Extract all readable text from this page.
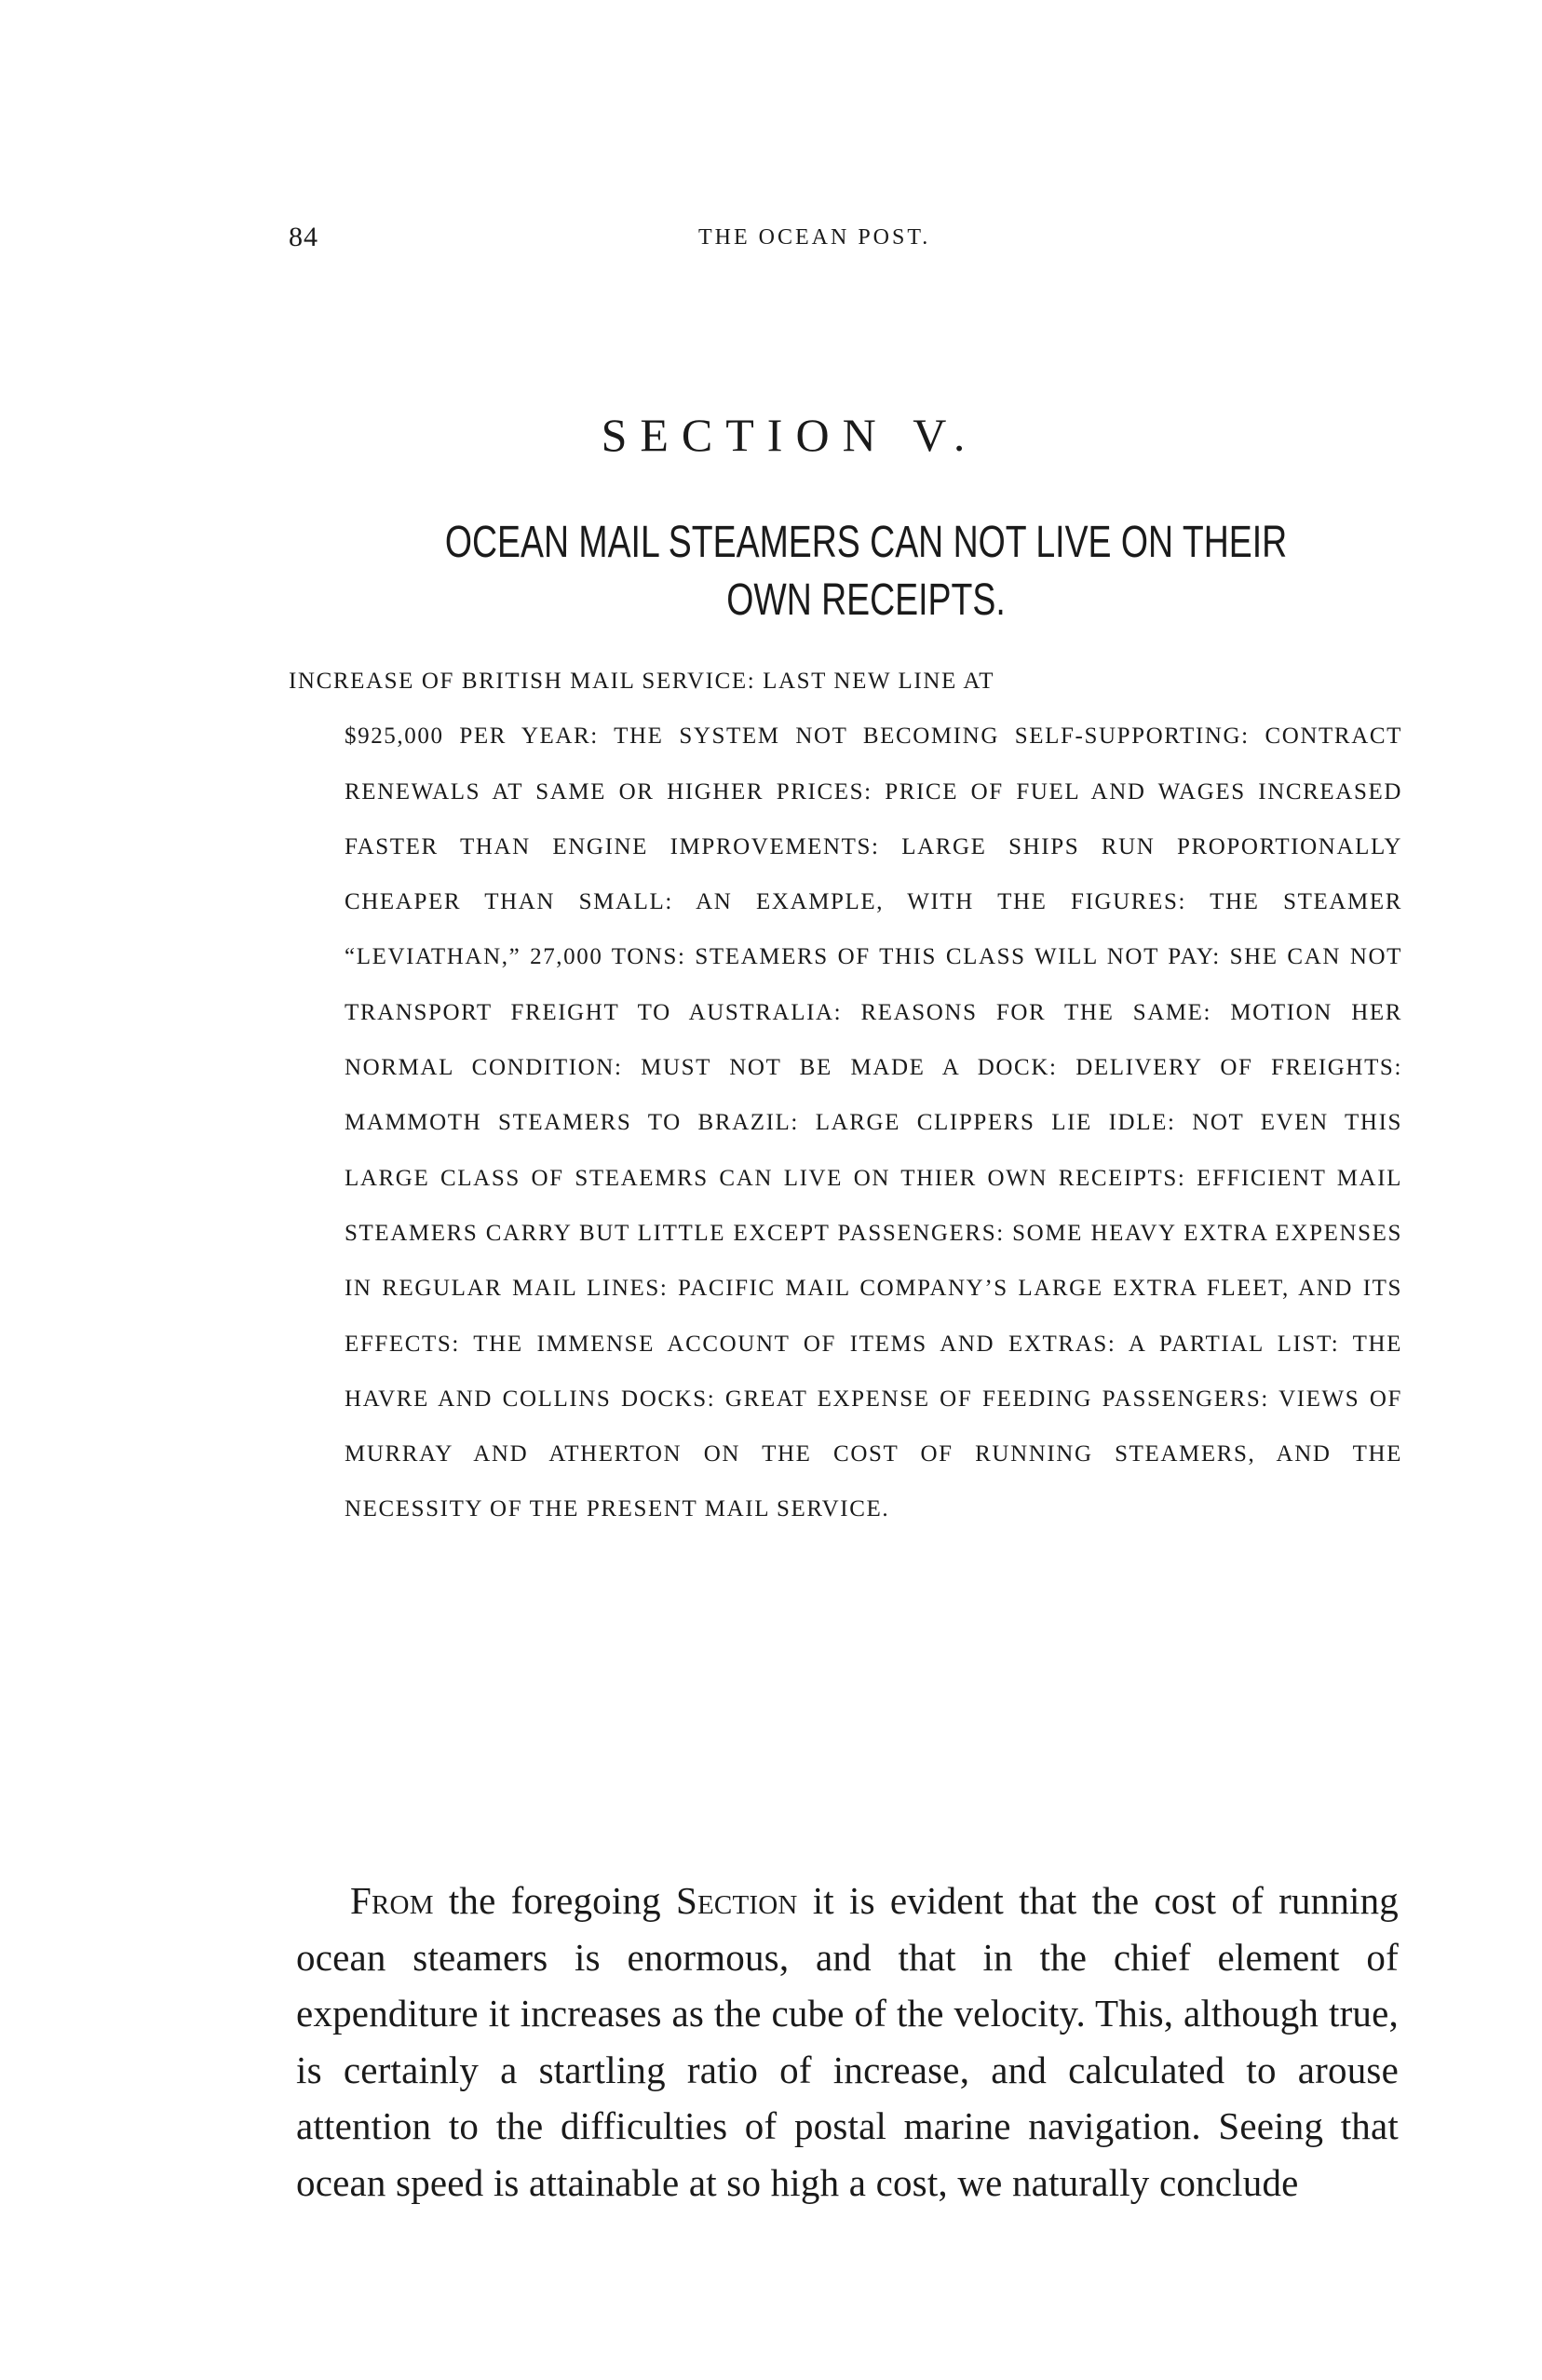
84	THE OCEAN POST.
SECTION V.
OCEAN MAIL STEAMERS CAN NOT LIVE ON THEIR OWN RECEIPTS.
INCREASE OF BRITISH MAIL SERVICE: LAST NEW LINE AT
$925,000 PER YEAR: THE SYSTEM NOT BECOMING SELF-SUPPORTING: CONTRACT RENEWALS AT SAME OR HIGHER PRICES: PRICE OF FUEL AND WAGES INCREASED FASTER THAN ENGINE IMPROVEMENTS: LARGE SHIPS RUN PROPORTIONALLY CHEAPER THAN SMALL: AN EXAMPLE, WITH THE FIGURES: THE STEAMER “LEVIATHAN,” 27,000 TONS: STEAMERS OF THIS CLASS WILL NOT PAY: SHE CAN NOT TRANSPORT FREIGHT TO AUSTRALIA: REASONS FOR THE SAME: MOTION HER NORMAL CONDITION: MUST NOT BE MADE A DOCK: DELIVERY OF FREIGHTS: MAMMOTH STEAMERS TO BRAZIL: LARGE CLIPPERS LIE IDLE: NOT EVEN THIS LARGE CLASS OF STEAEMRS CAN LIVE ON THIER OWN RECEIPTS: EFFICIENT MAIL STEAMERS CARRY BUT LITTLE EXCEPT PASSENGERS: SOME HEAVY EXTRA EXPENSES IN REGULAR MAIL LINES: PACIFIC MAIL COMPANY’S LARGE EXTRA FLEET, AND ITS EFFECTS: THE IMMENSE ACCOUNT OF ITEMS AND EXTRAS: A PARTIAL LIST: THE HAVRE AND COLLINS DOCKS: GREAT EXPENSE OF FEEDING PASSENGERS: VIEWS OF MURRAY AND ATHERTON ON THE COST OF RUNNING STEAMERS, AND THE NECESSITY OF THE PRESENT MAIL SERVICE.

From the foregoing Section it is evident that the cost of running ocean steamers is enormous, and that in the chief element of expenditure it increases as the cube of the velocity. This, although true, is certainly a startling ratio of increase, and calculated to arouse attention to the difficulties of postal marine navigation. Seeing that ocean speed is attainable at so high a cost, we naturally conclude
